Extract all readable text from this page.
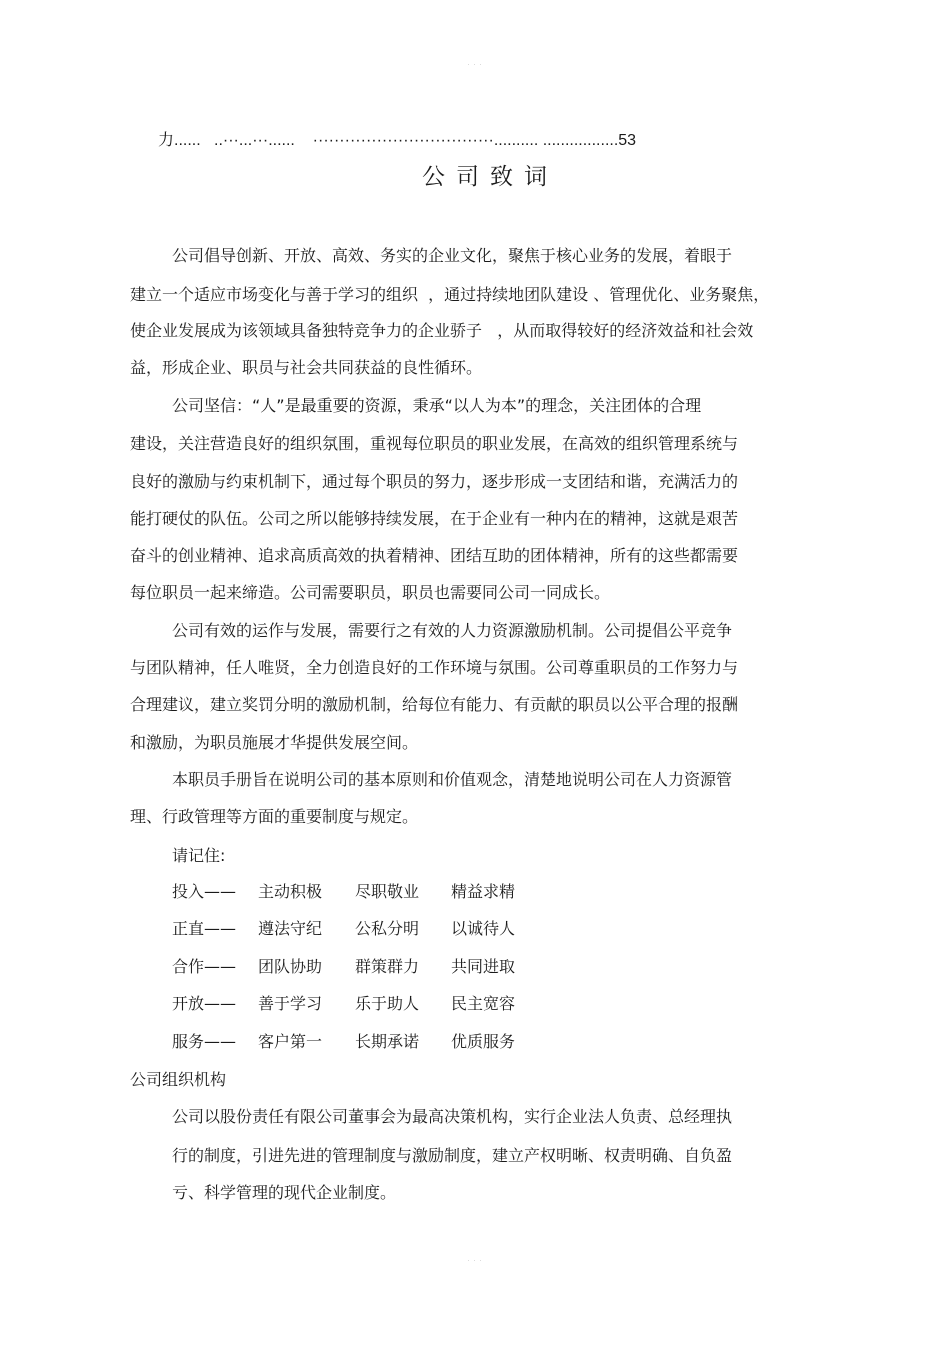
· · ·
力......   ..···...···......    ··································.......... .................53
公司致词
公司倡导创新、开放、高效、务实的企业文化，聚焦于核心业务的发展，着眼于
建立一个适应市场变化与善于学习的组织  ，通过持续地团队建设 、管理优化、业务聚焦，
使企业发展成为该领域具备独特竞争力的企业骄子   ，从而取得较好的经济效益和社会效
益，形成企业、职员与社会共同获益的良性循环。
公司坚信：“人”是最重要的资源，秉承“以人为本”的理念，关注团体的合理
建设，关注营造良好的组织氛围，重视每位职员的职业发展，在高效的组织管理系统与
良好的激励与约束机制下，通过每个职员的努力，逐步形成一支团结和谐，充满活力的
能打硬仗的队伍。公司之所以能够持续发展，在于企业有一种内在的精神，这就是艰苦
奋斗的创业精神、追求高质高效的执着精神、团结互助的团体精神，所有的这些都需要
每位职员一起来缔造。公司需要职员，职员也需要同公司一同成长。
公司有效的运作与发展，需要行之有效的人力资源激励机制。公司提倡公平竞争
与团队精神，任人唯贤，全力创造良好的工作环境与氛围。公司尊重职员的工作努力与
合理建议，建立奖罚分明的激励机制，给每位有能力、有贡献的职员以公平合理的报酬
和激励，为职员施展才华提供发展空间。
本职员手册旨在说明公司的基本原则和价值观念，清楚地说明公司在人力资源管
理、行政管理等方面的重要制度与规定。
请记住:
投入—— 主动积极 尽职敬业 精益求精
正直—— 遵法守纪 公私分明 以诚待人
合作—— 团队协助 群策群力 共同进取
开放—— 善于学习 乐于助人 民主宽容
服务—— 客户第一 长期承诺 优质服务
公司组织机构
公司以股份责任有限公司董事会为最高决策机构，实行企业法人负责、总经理执
行的制度，引进先进的管理制度与激励制度，建立产权明晰、权责明确、自负盈
亏、科学管理的现代企业制度。
· · ·
